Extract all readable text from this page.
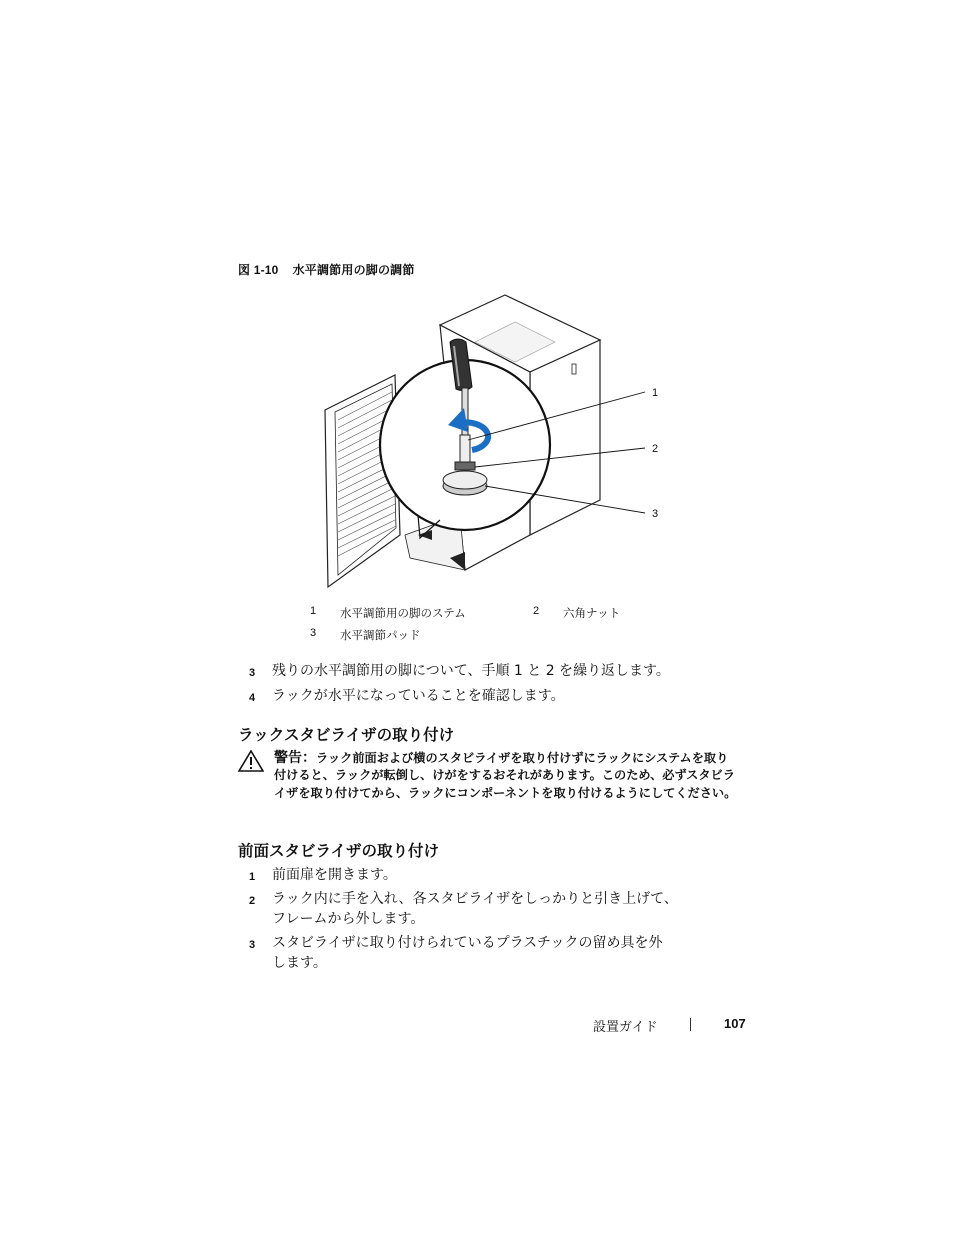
図 1-10 水平調節用の脚の調節
1
2
3
1 水平調節用の脚のステム	2 六角ナット
3 水平調節パッド
3 残りの水平調節用の脚について、手順 1 と 2 を繰り返します。
4 ラックが水平になっていることを確認します。
ラックスタビライザの取り付け
警告：ラック前面および横のスタビライザを取り付けずにラックにシステムを取り付けると、ラックが転倒し、けがをするおそれがあります。このため、必ずスタビライザを取り付けてから、ラックにコンポーネントを取り付けるようにしてください。
前面スタビライザの取り付け
1 前面扉を開きます。
2 ラック内に手を入れ、各スタビライザをしっかりと引き上げて、
フレームから外します。
3 スタビライザに取り付けられているプラスチックの留め具を外
します。
設置ガイド	107
